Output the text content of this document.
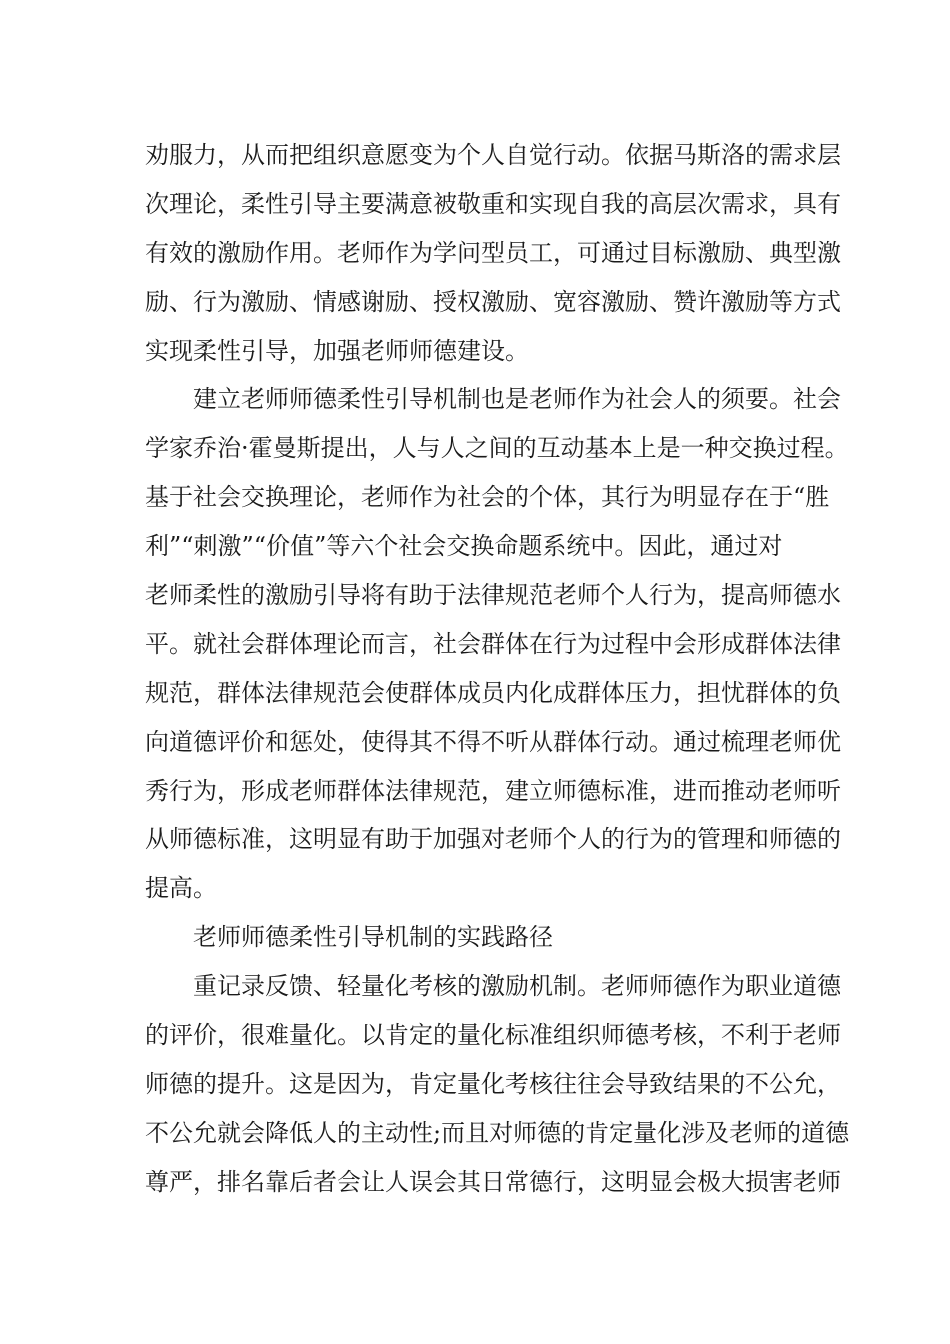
劝服力，从而把组织意愿变为个人自觉行动。依据马斯洛的需求层
次理论，柔性引导主要满意被敬重和实现自我的高层次需求，具有
有效的激励作用。老师作为学问型员工，可通过目标激励、典型激
励、行为激励、情感谢励、授权激励、宽容激励、赞许激励等方式
实现柔性引导，加强老师师德建设。
建立老师师德柔性引导机制也是老师作为社会人的须要。社会
学家乔治·霍曼斯提出，人与人之间的互动基本上是一种交换过程。
基于社会交换理论，老师作为社会的个体，其行为明显存在于“胜
利”“刺激”“价值”等六个社会交换命题系统中。因此，通过对
老师柔性的激励引导将有助于法律规范老师个人行为，提高师德水
平。就社会群体理论而言，社会群体在行为过程中会形成群体法律
规范，群体法律规范会使群体成员内化成群体压力，担忧群体的负
向道德评价和惩处，使得其不得不听从群体行动。通过梳理老师优
秀行为，形成老师群体法律规范，建立师德标准，进而推动老师听
从师德标准，这明显有助于加强对老师个人的行为的管理和师德的
提高。
老师师德柔性引导机制的实践路径
重记录反馈、轻量化考核的激励机制。老师师德作为职业道德
的评价，很难量化。以肯定的量化标准组织师德考核，不利于老师
师德的提升。这是因为，肯定量化考核往往会导致结果的不公允，
不公允就会降低人的主动性;而且对师德的肯定量化涉及老师的道德
尊严，排名靠后者会让人误会其日常德行，这明显会极大损害老师
